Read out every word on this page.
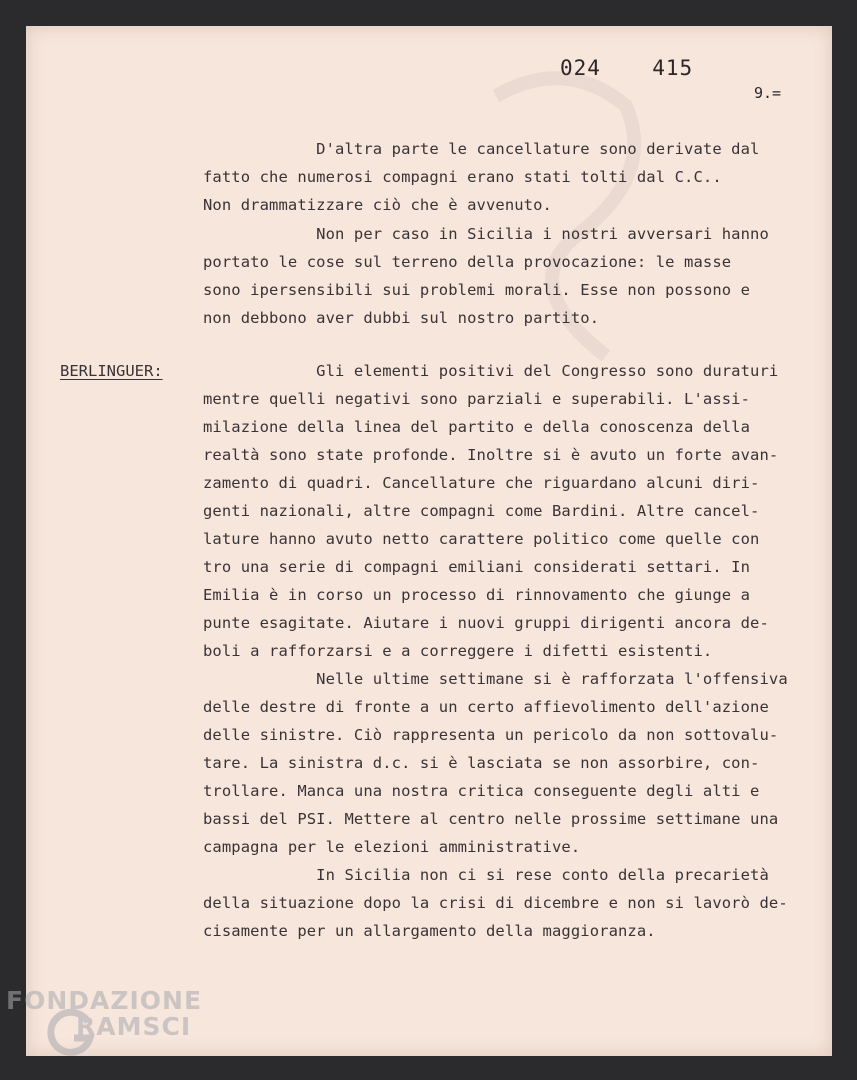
024  415
9.=
BERLINGUER:
D'altra parte le cancellature sono derivate dal
fatto che numerosi compagni erano stati tolti dal C.C..
Non drammatizzare ciò che è avvenuto.
Non per caso in Sicilia i nostri avversari hanno
portato le cose sul terreno della provocazione: le masse
sono ipersensibili sui problemi morali. Esse non possono e
non debbono aver dubbi sul nostro partito.
Gli elementi positivi del Congresso sono duraturi
mentre quelli negativi sono parziali e superabili. L'assi-
milazione della linea del partito e della conoscenza della
realtà sono state profonde. Inoltre si è avuto un forte avan-
zamento di quadri. Cancellature che riguardano alcuni diri-
genti nazionali, altre compagni come Bardini. Altre cancel-
lature hanno avuto netto carattere politico come quelle con
tro una serie di compagni emiliani considerati settari. In
Emilia è in corso un processo di rinnovamento che giunge a
punte esagitate. Aiutare i nuovi gruppi dirigenti ancora de-
boli a rafforzarsi e a correggere i difetti esistenti.
Nelle ultime settimane si è rafforzata l'offensiva
delle destre di fronte a un certo affievolimento dell'azione
delle sinistre. Ciò rappresenta un pericolo da non sottovalu-
tare. La sinistra d.c. si è lasciata se non assorbire, con-
trollare. Manca una nostra critica conseguente degli alti e
bassi del PSI. Mettere al centro nelle prossime settimane una
campagna per le elezioni amministrative.
In Sicilia non ci si rese conto della precarietà
della situazione dopo la crisi di dicembre e non si lavorò de-
cisamente per un allargamento della maggioranza.
FONDAZIONE
RAMSCI
